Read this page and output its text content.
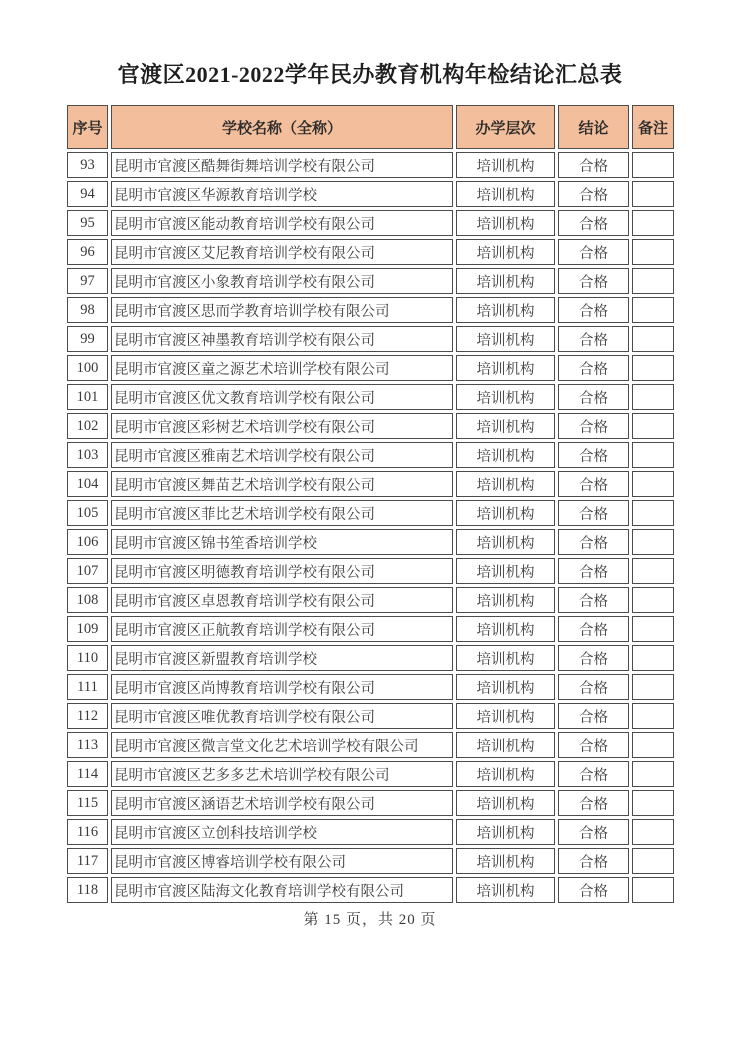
官渡区2021-2022学年民办教育机构年检结论汇总表
序号	学校名称（全称）	办学层次	结论	备注
93	昆明市官渡区酷舞街舞培训学校有限公司	培训机构	合格	
94	昆明市官渡区华源教育培训学校	培训机构	合格	
95	昆明市官渡区能动教育培训学校有限公司	培训机构	合格	
96	昆明市官渡区艾尼教育培训学校有限公司	培训机构	合格	
97	昆明市官渡区小象教育培训学校有限公司	培训机构	合格	
98	昆明市官渡区思而学教育培训学校有限公司	培训机构	合格	
99	昆明市官渡区神墨教育培训学校有限公司	培训机构	合格	
100	昆明市官渡区童之源艺术培训学校有限公司	培训机构	合格	
101	昆明市官渡区优文教育培训学校有限公司	培训机构	合格	
102	昆明市官渡区彩树艺术培训学校有限公司	培训机构	合格	
103	昆明市官渡区雅南艺术培训学校有限公司	培训机构	合格	
104	昆明市官渡区舞苗艺术培训学校有限公司	培训机构	合格	
105	昆明市官渡区菲比艺术培训学校有限公司	培训机构	合格	
106	昆明市官渡区锦书笙香培训学校	培训机构	合格	
107	昆明市官渡区明德教育培训学校有限公司	培训机构	合格	
108	昆明市官渡区卓恩教育培训学校有限公司	培训机构	合格	
109	昆明市官渡区正航教育培训学校有限公司	培训机构	合格	
110	昆明市官渡区新盟教育培训学校	培训机构	合格	
111	昆明市官渡区尚博教育培训学校有限公司	培训机构	合格	
112	昆明市官渡区唯优教育培训学校有限公司	培训机构	合格	
113	昆明市官渡区微言堂文化艺术培训学校有限公司	培训机构	合格	
114	昆明市官渡区艺多多艺术培训学校有限公司	培训机构	合格	
115	昆明市官渡区涵语艺术培训学校有限公司	培训机构	合格	
116	昆明市官渡区立创科技培训学校	培训机构	合格	
117	昆明市官渡区博睿培训学校有限公司	培训机构	合格	
118	昆明市官渡区陆海文化教育培训学校有限公司	培训机构	合格	
第 15 页，共 20 页
